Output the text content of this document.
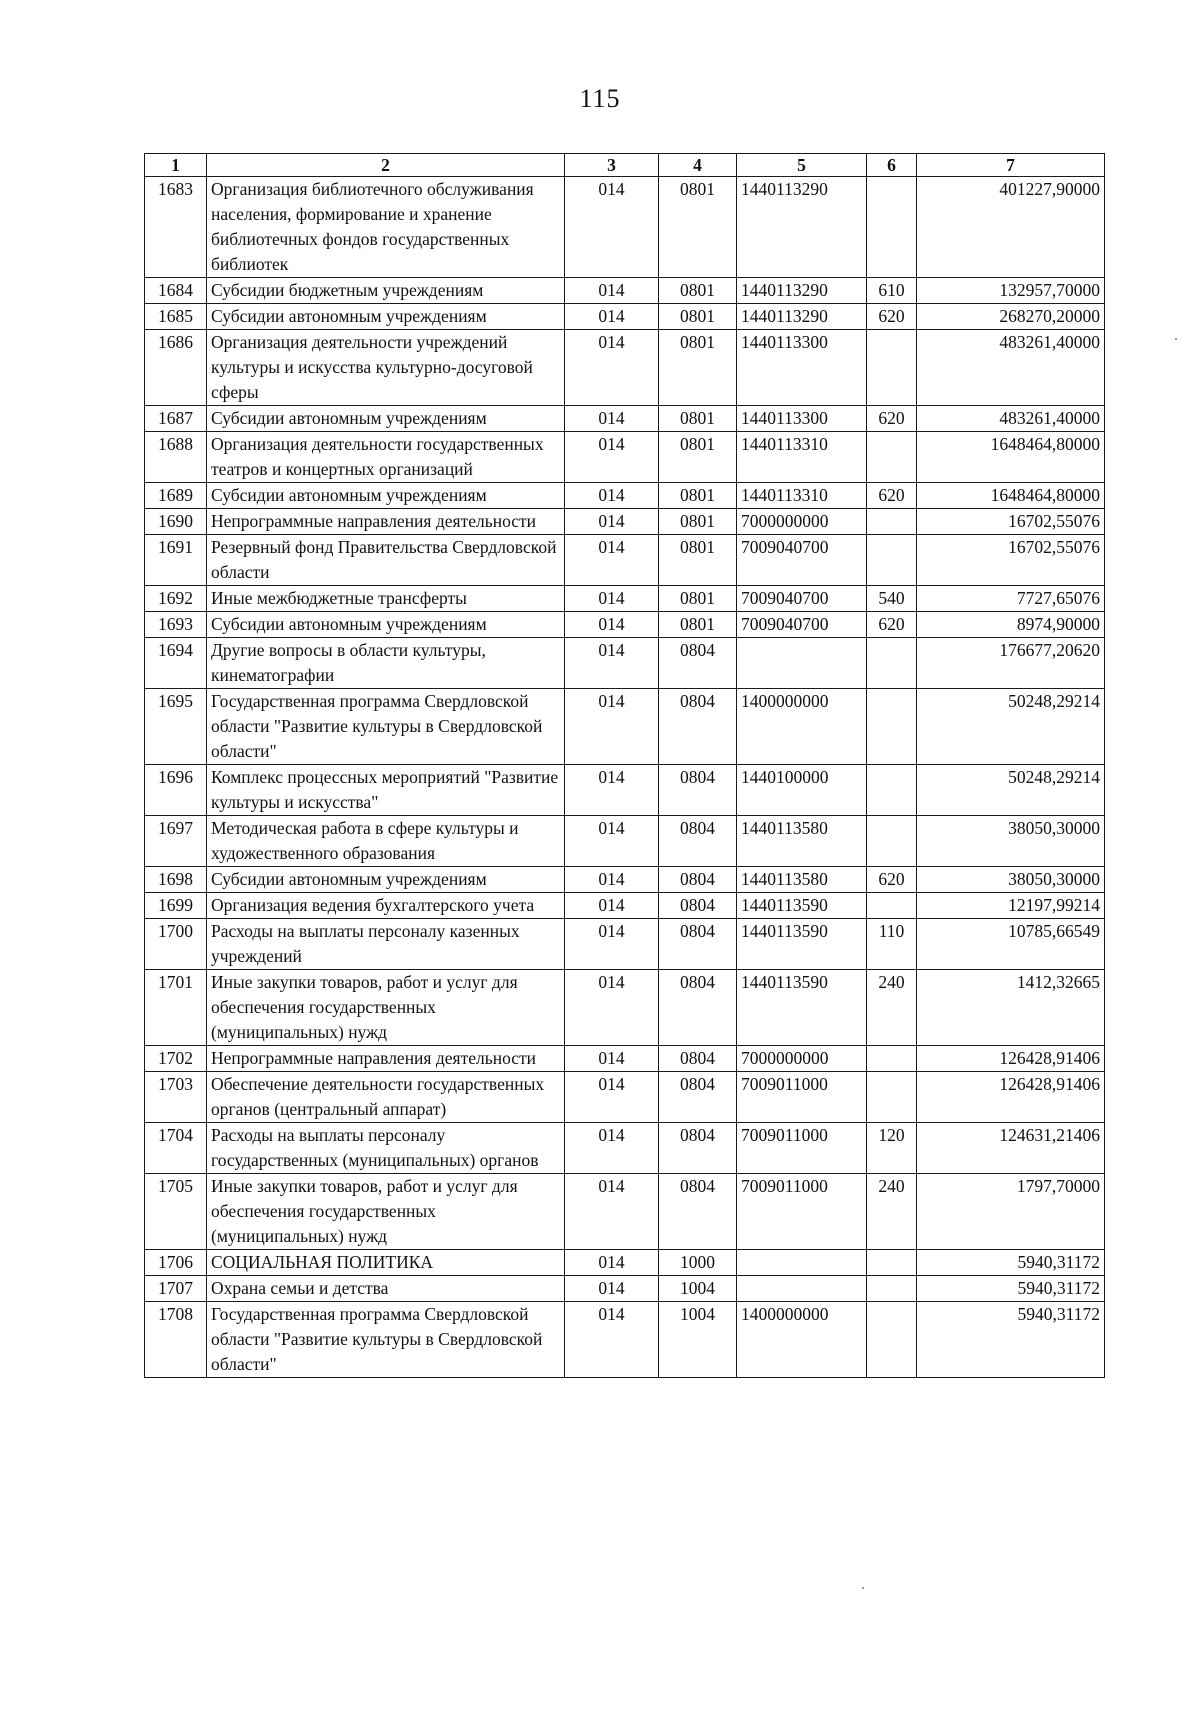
115
1	2	3	4	5	6	7
1683	Организация библиотечного обслуживания населения, формирование и хранение библиотечных фондов государственных библиотек	014	0801	1440113290		401227,90000
1684	Субсидии бюджетным учреждениям	014	0801	1440113290	610	132957,70000
1685	Субсидии автономным учреждениям	014	0801	1440113290	620	268270,20000
1686	Организация деятельности учреждений культуры и искусства культурно-досуговой сферы	014	0801	1440113300		483261,40000
1687	Субсидии автономным учреждениям	014	0801	1440113300	620	483261,40000
1688	Организация деятельности государственных театров и концертных организаций	014	0801	1440113310		1648464,80000
1689	Субсидии автономным учреждениям	014	0801	1440113310	620	1648464,80000
1690	Непрограммные направления деятельности	014	0801	7000000000		16702,55076
1691	Резервный фонд Правительства Свердловской области	014	0801	7009040700		16702,55076
1692	Иные межбюджетные трансферты	014	0801	7009040700	540	7727,65076
1693	Субсидии автономным учреждениям	014	0801	7009040700	620	8974,90000
1694	Другие вопросы в области культуры, кинематографии	014	0804			176677,20620
1695	Государственная программа Свердловской области "Развитие культуры в Свердловской области"	014	0804	1400000000		50248,29214
1696	Комплекс процессных мероприятий "Развитие культуры и искусства"	014	0804	1440100000		50248,29214
1697	Методическая работа в сфере культуры и художественного образования	014	0804	1440113580		38050,30000
1698	Субсидии автономным учреждениям	014	0804	1440113580	620	38050,30000
1699	Организация ведения бухгалтерского учета	014	0804	1440113590		12197,99214
1700	Расходы на выплаты персоналу казенных учреждений	014	0804	1440113590	110	10785,66549
1701	Иные закупки товаров, работ и услуг для обеспечения государственных (муниципальных) нужд	014	0804	1440113590	240	1412,32665
1702	Непрограммные направления деятельности	014	0804	7000000000		126428,91406
1703	Обеспечение деятельности государственных органов (центральный аппарат)	014	0804	7009011000		126428,91406
1704	Расходы на выплаты персоналу государственных (муниципальных) органов	014	0804	7009011000	120	124631,21406
1705	Иные закупки товаров, работ и услуг для обеспечения государственных (муниципальных) нужд	014	0804	7009011000	240	1797,70000
1706	СОЦИАЛЬНАЯ ПОЛИТИКА	014	1000			5940,31172
1707	Охрана семьи и детства	014	1004			5940,31172
1708	Государственная программа Свердловской области "Развитие культуры в Свердловской области"	014	1004	1400000000		5940,31172
